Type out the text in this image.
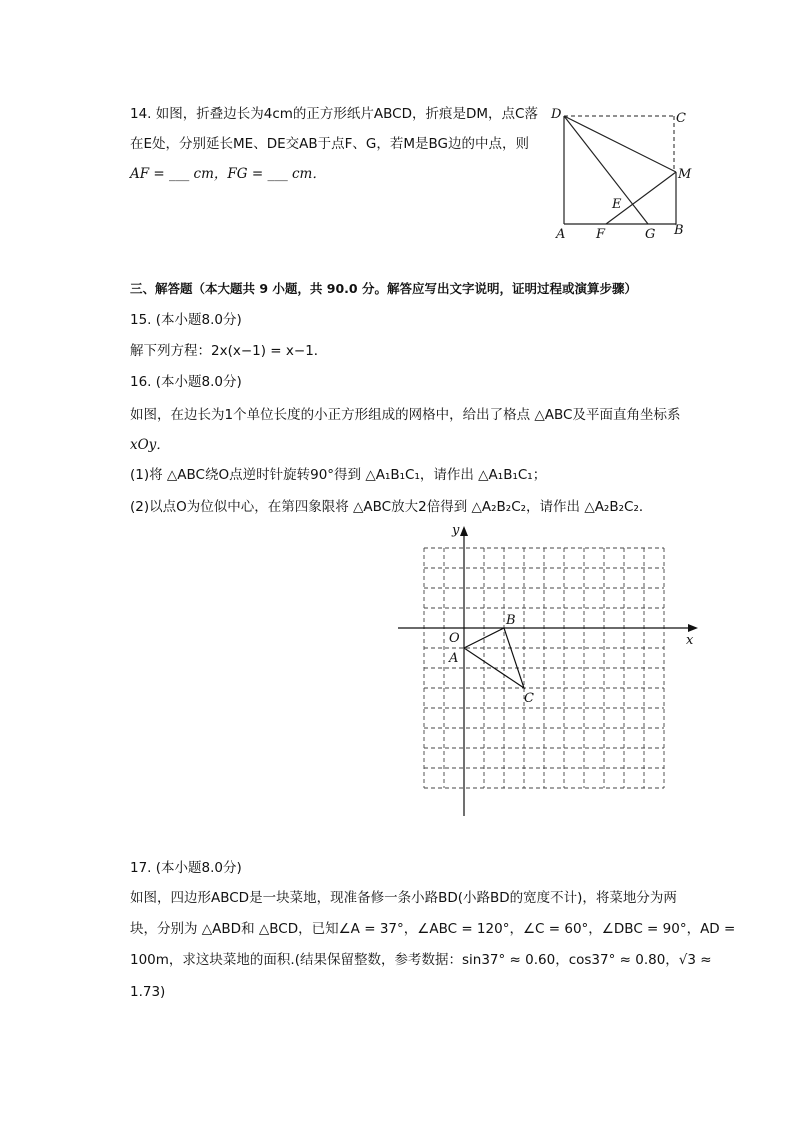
14. 如图，折叠边长为4cm的正方形纸片ABCD，折痕是DM，点C落
在E处，分别延长ME、DE交AB于点F、G，若M是BG边的中点，则
AF = ___ cm，FG = ___ cm．
D	C
M
E
A F	G B
三、解答题（本大题共 9 小题，共 90.0 分。解答应写出文字说明，证明过程或演算步骤）
15. (本小题8.0分)
解下列方程：2x(x−1) = x−1．
16. (本小题8.0分)
如图，在边长为1个单位长度的小正方形组成的网格中，给出了格点 △ABC及平面直角坐标系
xOy．
(1)将 △ABC绕O点逆时针旋转90°得到 △A₁B₁C₁，请作出 △A₁B₁C₁；
(2)以点O为位似中心，在第四象限将 △ABC放大2倍得到 △A₂B₂C₂，请作出 △A₂B₂C₂．
y
x
O
A
B
C
17. (本小题8.0分)
如图，四边形ABCD是一块菜地，现准备修一条小路BD(小路BD的宽度不计)，将菜地分为两
块，分别为 △ABD和 △BCD，已知∠A = 37°，∠ABC = 120°，∠C = 60°，∠DBC = 90°，AD =
100m，求这块菜地的面积.(结果保留整数，参考数据：sin37° ≈ 0.60，cos37° ≈ 0.80，√3 ≈
1.73)
